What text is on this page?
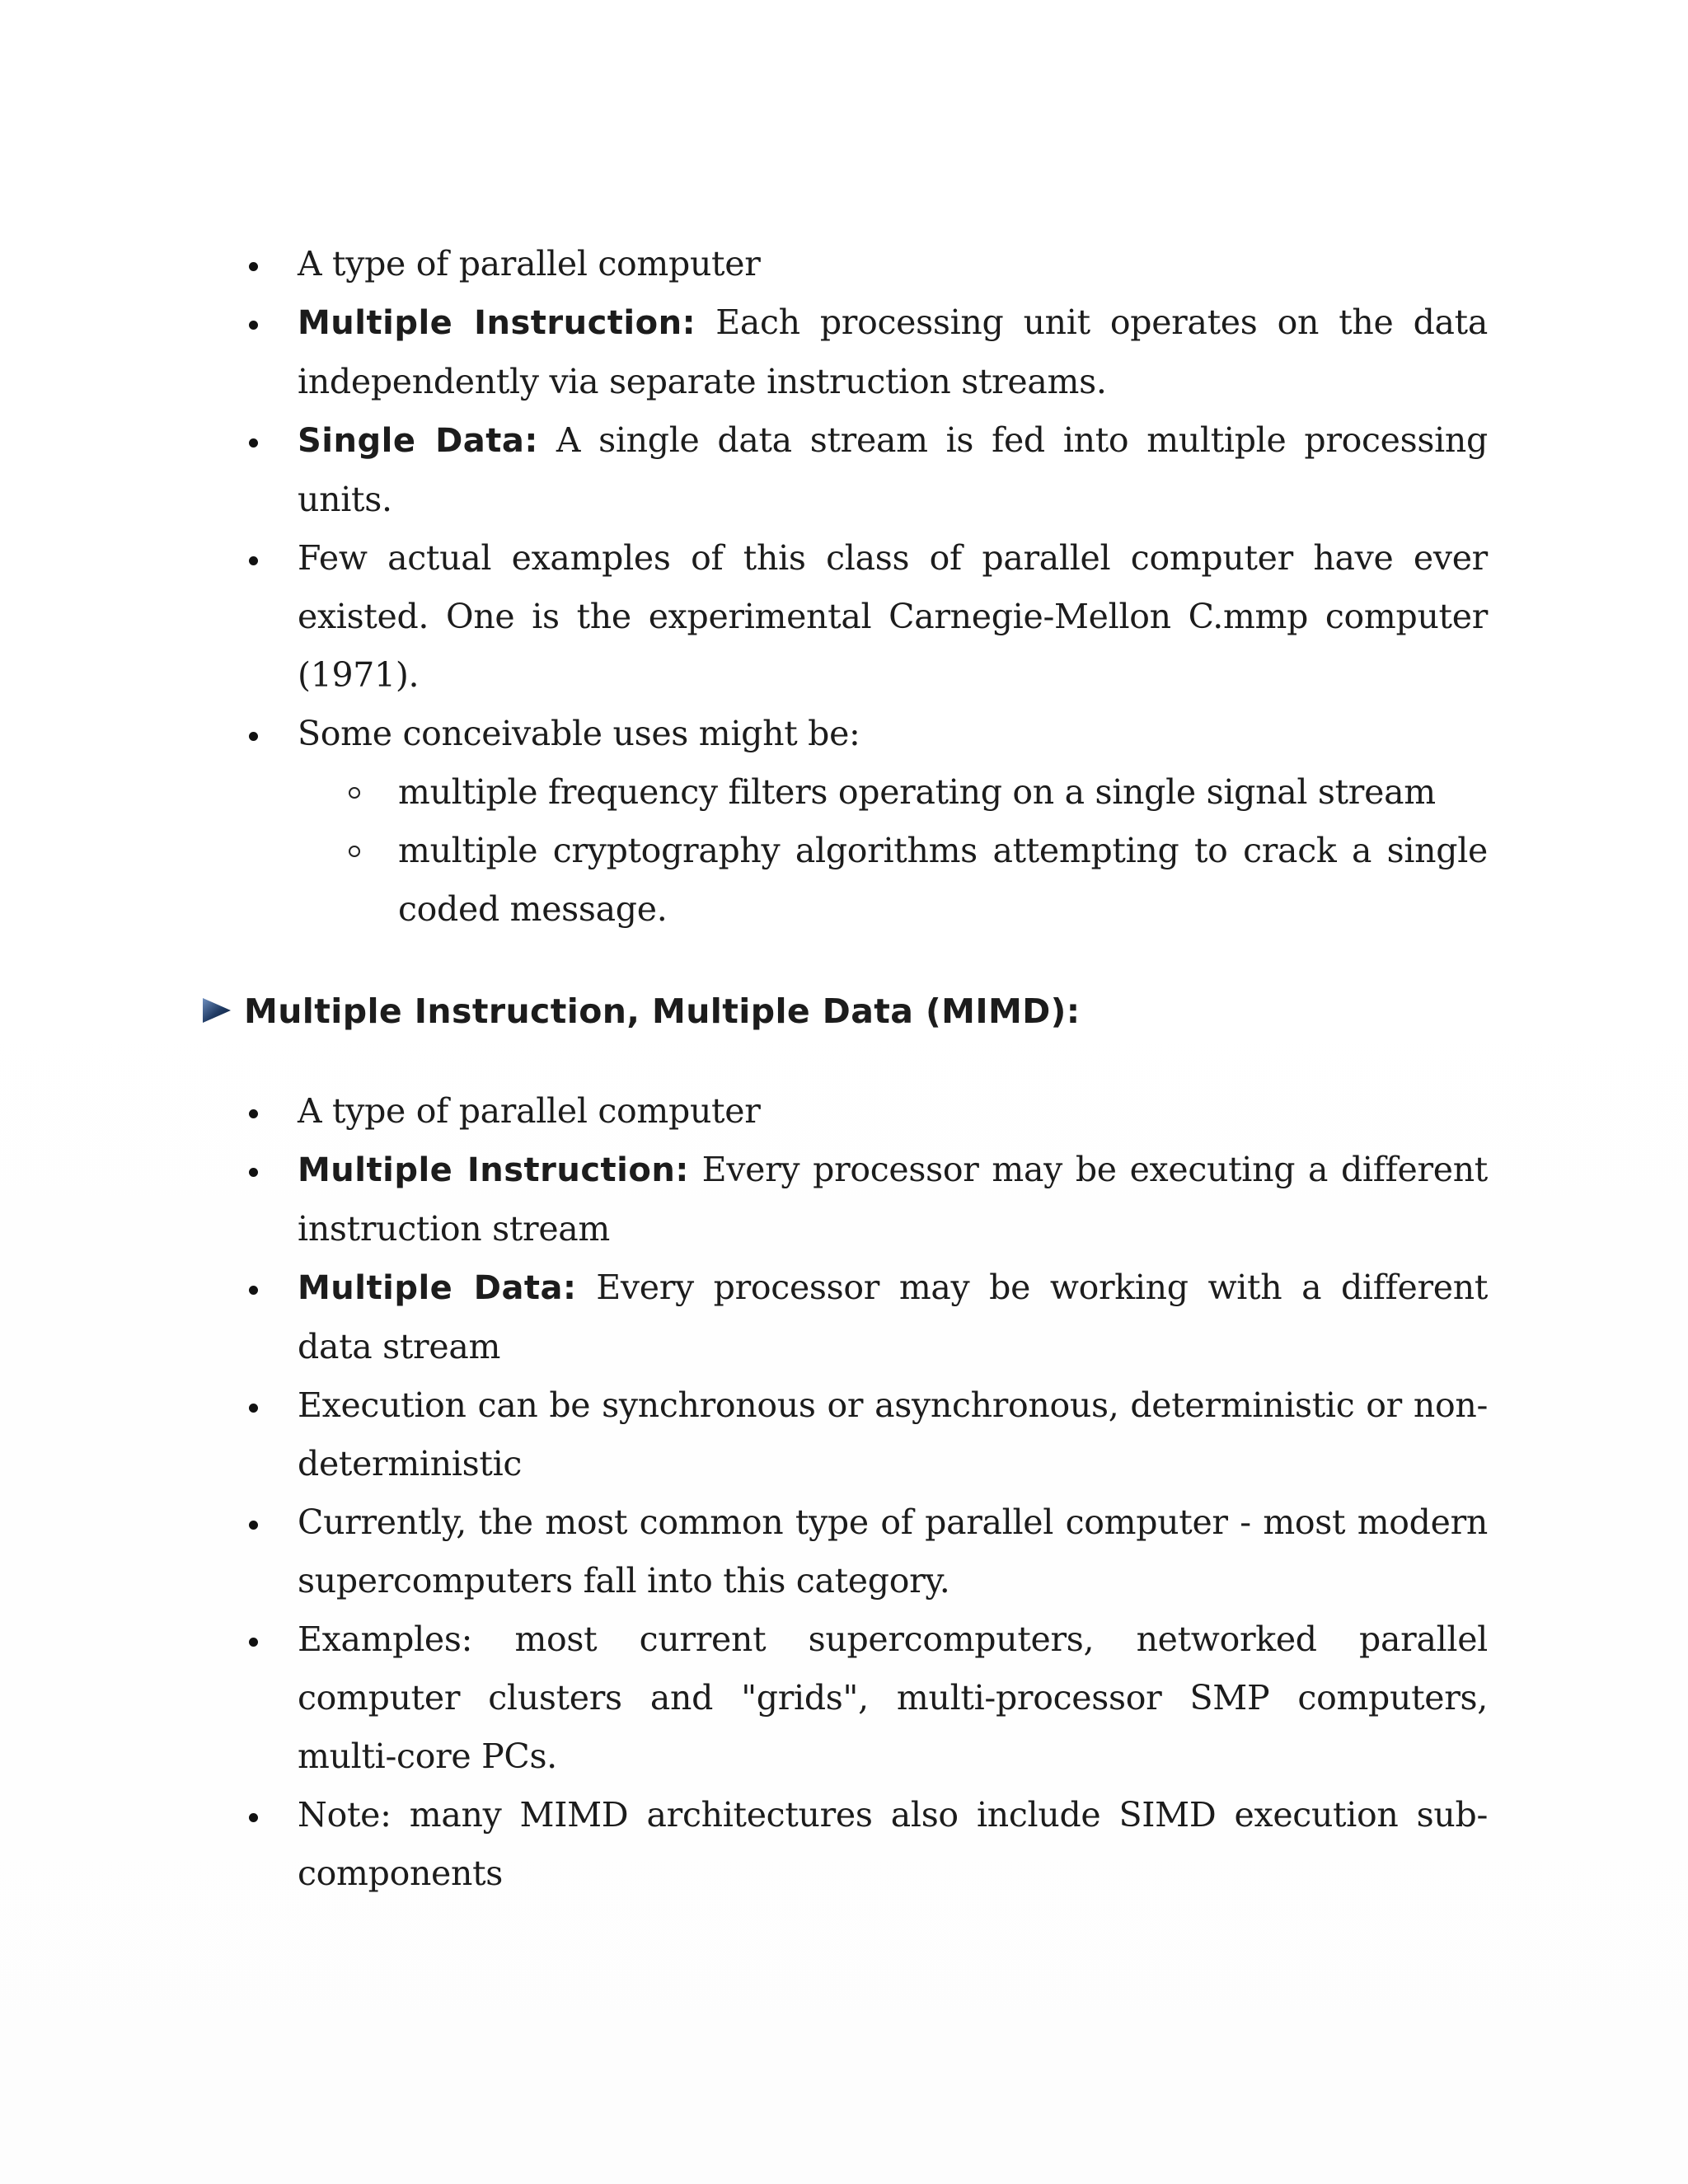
A type of parallel computer
Multiple Instruction: Each processing unit operates on the data independently via separate instruction streams.
Single Data: A single data stream is fed into multiple processing units.
Few actual examples of this class of parallel computer have ever existed. One is the experimental Carnegie-Mellon C.mmp computer (1971).
Some conceivable uses might be:
multiple frequency filters operating on a single signal stream
multiple cryptography algorithms attempting to crack a single coded message.
Multiple Instruction, Multiple Data (MIMD):
A type of parallel computer
Multiple Instruction: Every processor may be executing a different instruction stream
Multiple Data: Every processor may be working with a different data stream
Execution can be synchronous or asynchronous, deterministic or non-deterministic
Currently, the most common type of parallel computer - most modern supercomputers fall into this category.
Examples: most current supercomputers, networked parallel computer clusters and "grids", multi-processor SMP computers, multi-core PCs.
Note: many MIMD architectures also include SIMD execution sub-components
